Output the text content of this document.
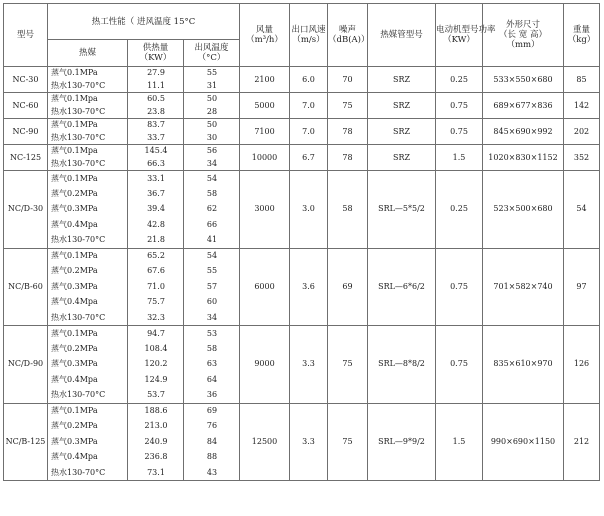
型号	热工性能（ 进风温度 15°C			风量
（m³/h）	出口风速
（m/s）	噪声
（dB(A)）	热媒管型号	电动机型号功率
（KW）	外形尺寸
（长 宽 高）
（mm）	重量
（kg）

	热媒	供热量
（KW）	出风温度
（°C）							

NC-30	蒸气0.1MPa	27.9	55	2100	6.0	70	SRZ	0.25	533×550×680	85
	热水130-70°C	11.1	31							
NC-60	蒸气0.1Mpa	60.5	50	5000	7.0	75	SRZ	0.75	689×677×836	142
	热水130-70°C	23.8	28							
NC-90	蒸气0.1MPa	83.7	50	7100	7.0	78	SRZ	0.75	845×690×992	202
	热水130-70°C	33.7	30							
NC-125	蒸气0.1Mpa	145.4	56	10000	6.7	78	SRZ	1.5	1020×830×1152	352
	热水130-70°C	66.3	34							
NC/D-30	蒸气0.1MPa	33.1	54	3000	3.0	58	SRL—5*5/2	0.25	523×500×680	54
	蒸气0.2MPa	36.7	58							
	蒸气0.3MPa	39.4	62							
	蒸气0.4Mpa	42.8	66							
	热水130-70°C	21.8	41							
NC/B-60	蒸气0.1MPa	65.2	54	6000	3.6	69	SRL—6*6/2	0.75	701×582×740	97
	蒸气0.2MPa	67.6	55							
	蒸气0.3MPa	71.0	57							
	蒸气0.4Mpa	75.7	60							
	热水130-70°C	32.3	34							
NC/D-90	蒸气0.1MPa	94.7	53	9000	3.3	75	SRL—8*8/2	0.75	835×610×970	126
	蒸气0.2MPa	108.4	58							
	蒸气0.3MPa	120.2	63							
	蒸气0.4Mpa	124.9	64							
	热水130-70°C	53.7	36							
NC/B-125	蒸气0.1MPa	188.6	69	12500	3.3	75	SRL—9*9/2	1.5	990×690×1150	212
	蒸气0.2MPa	213.0	76							
	蒸气0.3MPa	240.9	84							
	蒸气0.4Mpa	236.8	88							
	热水130-70°C	73.1	43							
